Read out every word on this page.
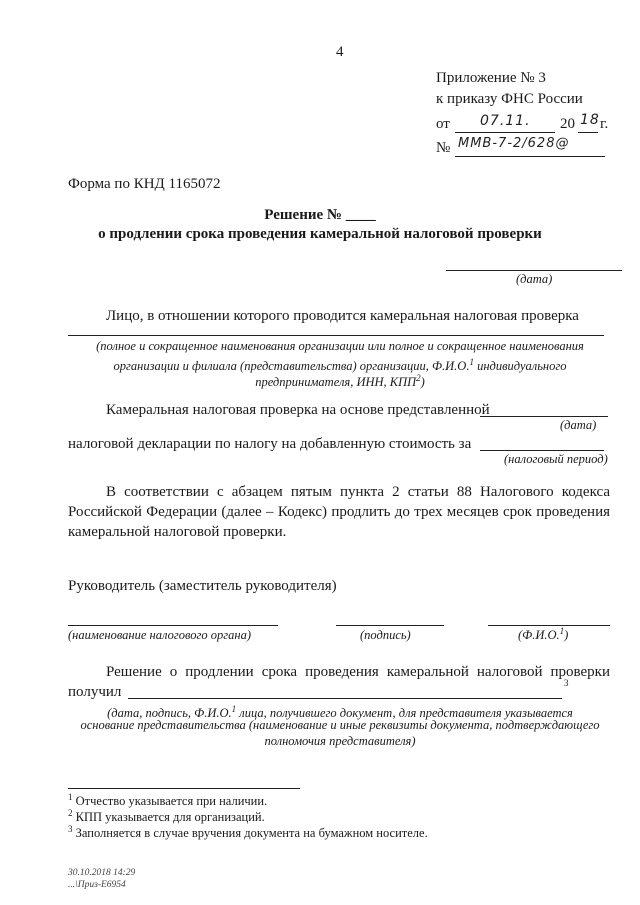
4
Приложение № 3
к приказу ФНС России
от 07.11. 20 18 г.
№ ММВ-7-2/628@
Форма по КНД 1165072
Решение № ____
о продлении срока проведения камеральной налоговой проверки
(дата)
Лицо, в отношении которого проводится камеральная налоговая проверка
(полное и сокращенное наименования организации или полное и сокращенное наименования
организации и филиала (представительства) организации, Ф.И.О.$^1$ индивидуального
предпринимателя, ИНН, КПП$^2$)
Камеральная налоговая проверка на основе представленной
(дата)
налоговой декларации по налогу на добавленную стоимость за
(налоговый период)
В соответствии с абзацем пятым пункта 2 статьи 88 Налогового кодекса
Российской Федерации (далее – Кодекс) продлить до трех месяцев срок проведения
камеральной налоговой проверки.
Руководитель (заместитель руководителя)
(наименование налогового органа)	(подпись)	(Ф.И.О.$^1$)
Решение о продлении срока проведения камеральной налоговой проверки
получил
3
(дата, подпись, Ф.И.О.$^1$ лица, получившего документ, для представителя указывается
основание представительства (наименование и иные реквизиты документа, подтверждающего
полномочия представителя)
$^1$ Отчество указывается при наличии.
$^2$ КПП указывается для организаций.
$^3$ Заполняется в случае вручения документа на бумажном носителе.
30.10.2018 14:29
...\Приз-Е6954
